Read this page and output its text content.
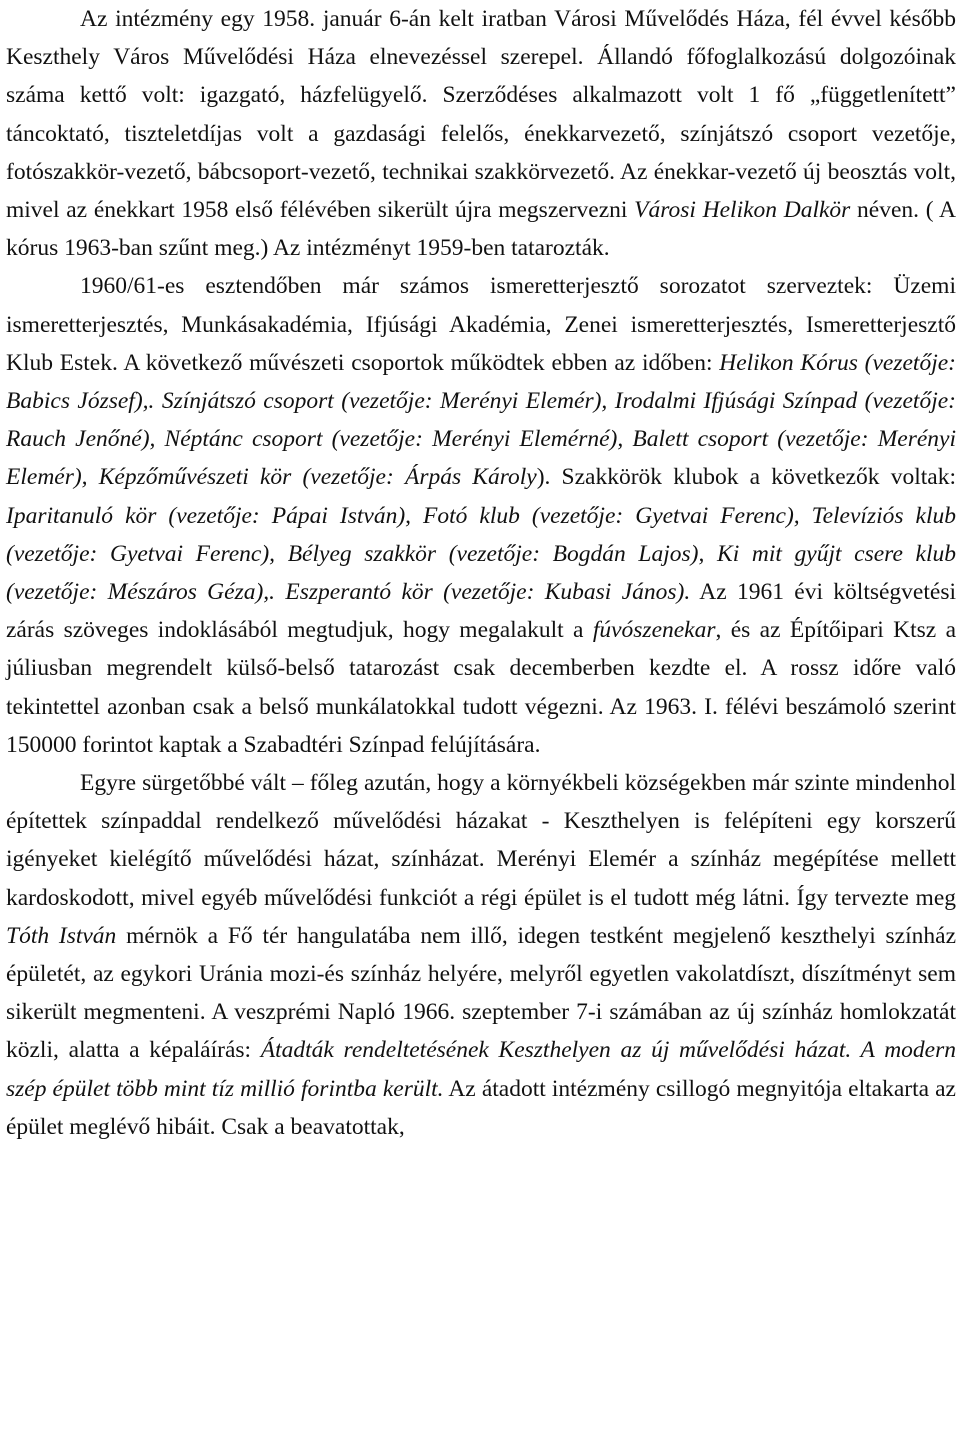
Az intézmény egy 1958. január 6-án kelt iratban Városi Művelődés Háza, fél évvel később Keszthely Város Művelődési Háza elnevezéssel szerepel. Állandó főfoglalkozású dolgozóinak száma kettő volt: igazgató, házfelügyelő. Szerződéses alkalmazott volt 1 fő „függetlenített” táncoktató, tiszteletdíjas volt a gazdasági felelős, énekkarvezető, színjátszó csoport vezetője, fotószakkör-vezető, bábcsoport-vezető, technikai szakkörvezető. Az énekkar-vezető új beosztás volt, mivel az énekkart 1958 első félévében sikerült újra megszervezni Városi Helikon Dalkör néven. ( A kórus 1963-ban szűnt meg.) Az intézményt 1959-ben tatarozták.

1960/61-es esztendőben már számos ismeretterjesztő sorozatot szerveztek: Üzemi ismeretterjesztés, Munkásakadémia, Ifjúsági Akadémia, Zenei ismeretterjesztés, Ismeretterjesztő Klub Estek. A következő művészeti csoportok működtek ebben az időben: Helikon Kórus (vezetője: Babics József),. Színjátszó csoport (vezetője: Merényi Elemér), Irodalmi Ifjúsági Színpad (vezetője: Rauch Jenőné), Néptánc csoport (vezetője: Merényi Elemérné), Balett csoport (vezetője: Merényi Elemér), Képzőművészeti kör (vezetője: Árpás Károly). Szakkörök klubok a következők voltak: Iparitanuló kör (vezetője: Pápai István), Fotó klub (vezetője: Gyetvai Ferenc), Televíziós klub (vezetője: Gyetvai Ferenc), Bélyeg szakkör (vezetője: Bogdán Lajos), Ki mit gyűjt csere klub (vezetője: Mészáros Géza),. Eszperantó kör (vezetője: Kubasi János). Az 1961 évi költségvetési zárás szöveges indoklásából megtudjuk, hogy megalakult a fúvószenekar, és az Építőipari Ktsz a júliusban megrendelt külső-belső tatarozást csak decemberben kezdte el. A rossz időre való tekintettel azonban csak a belső munkálatokkal tudott végezni. Az 1963. I. félévi beszámoló szerint 150000 forintot kaptak a Szabadtéri Színpad felújítására.

Egyre sürgetőbbé vált – főleg azután, hogy a környékbeli községekben már szinte mindenhol építettek színpaddal rendelkező művelődési házakat - Keszthelyen is felépíteni egy korszerű igényeket kielégítő művelődési házat, színházat. Merényi Elemér a színház megépítése mellett kardoskodott, mivel egyéb művelődési funkciót a régi épület is el tudott még látni. Így tervezte meg Tóth István mérnök a Fő tér hangulatába nem illő, idegen testként megjelenő keszthelyi színház épületét, az egykori Uránia mozi-és színház helyére, melyről egyetlen vakolatdíszt, díszítményt sem sikerült megmenteni. A veszprémi Napló 1966. szeptember 7-i számában az új színház homlokzatát közli, alatta a képaláírás: Átadták rendeltetésének Keszthelyen az új művelődési házat. A modern szép épület több mint tíz millió forintba került. Az átadott intézmény csillogó megnyitója eltakarta az épület meglévő hibáit. Csak a beavatottak,
